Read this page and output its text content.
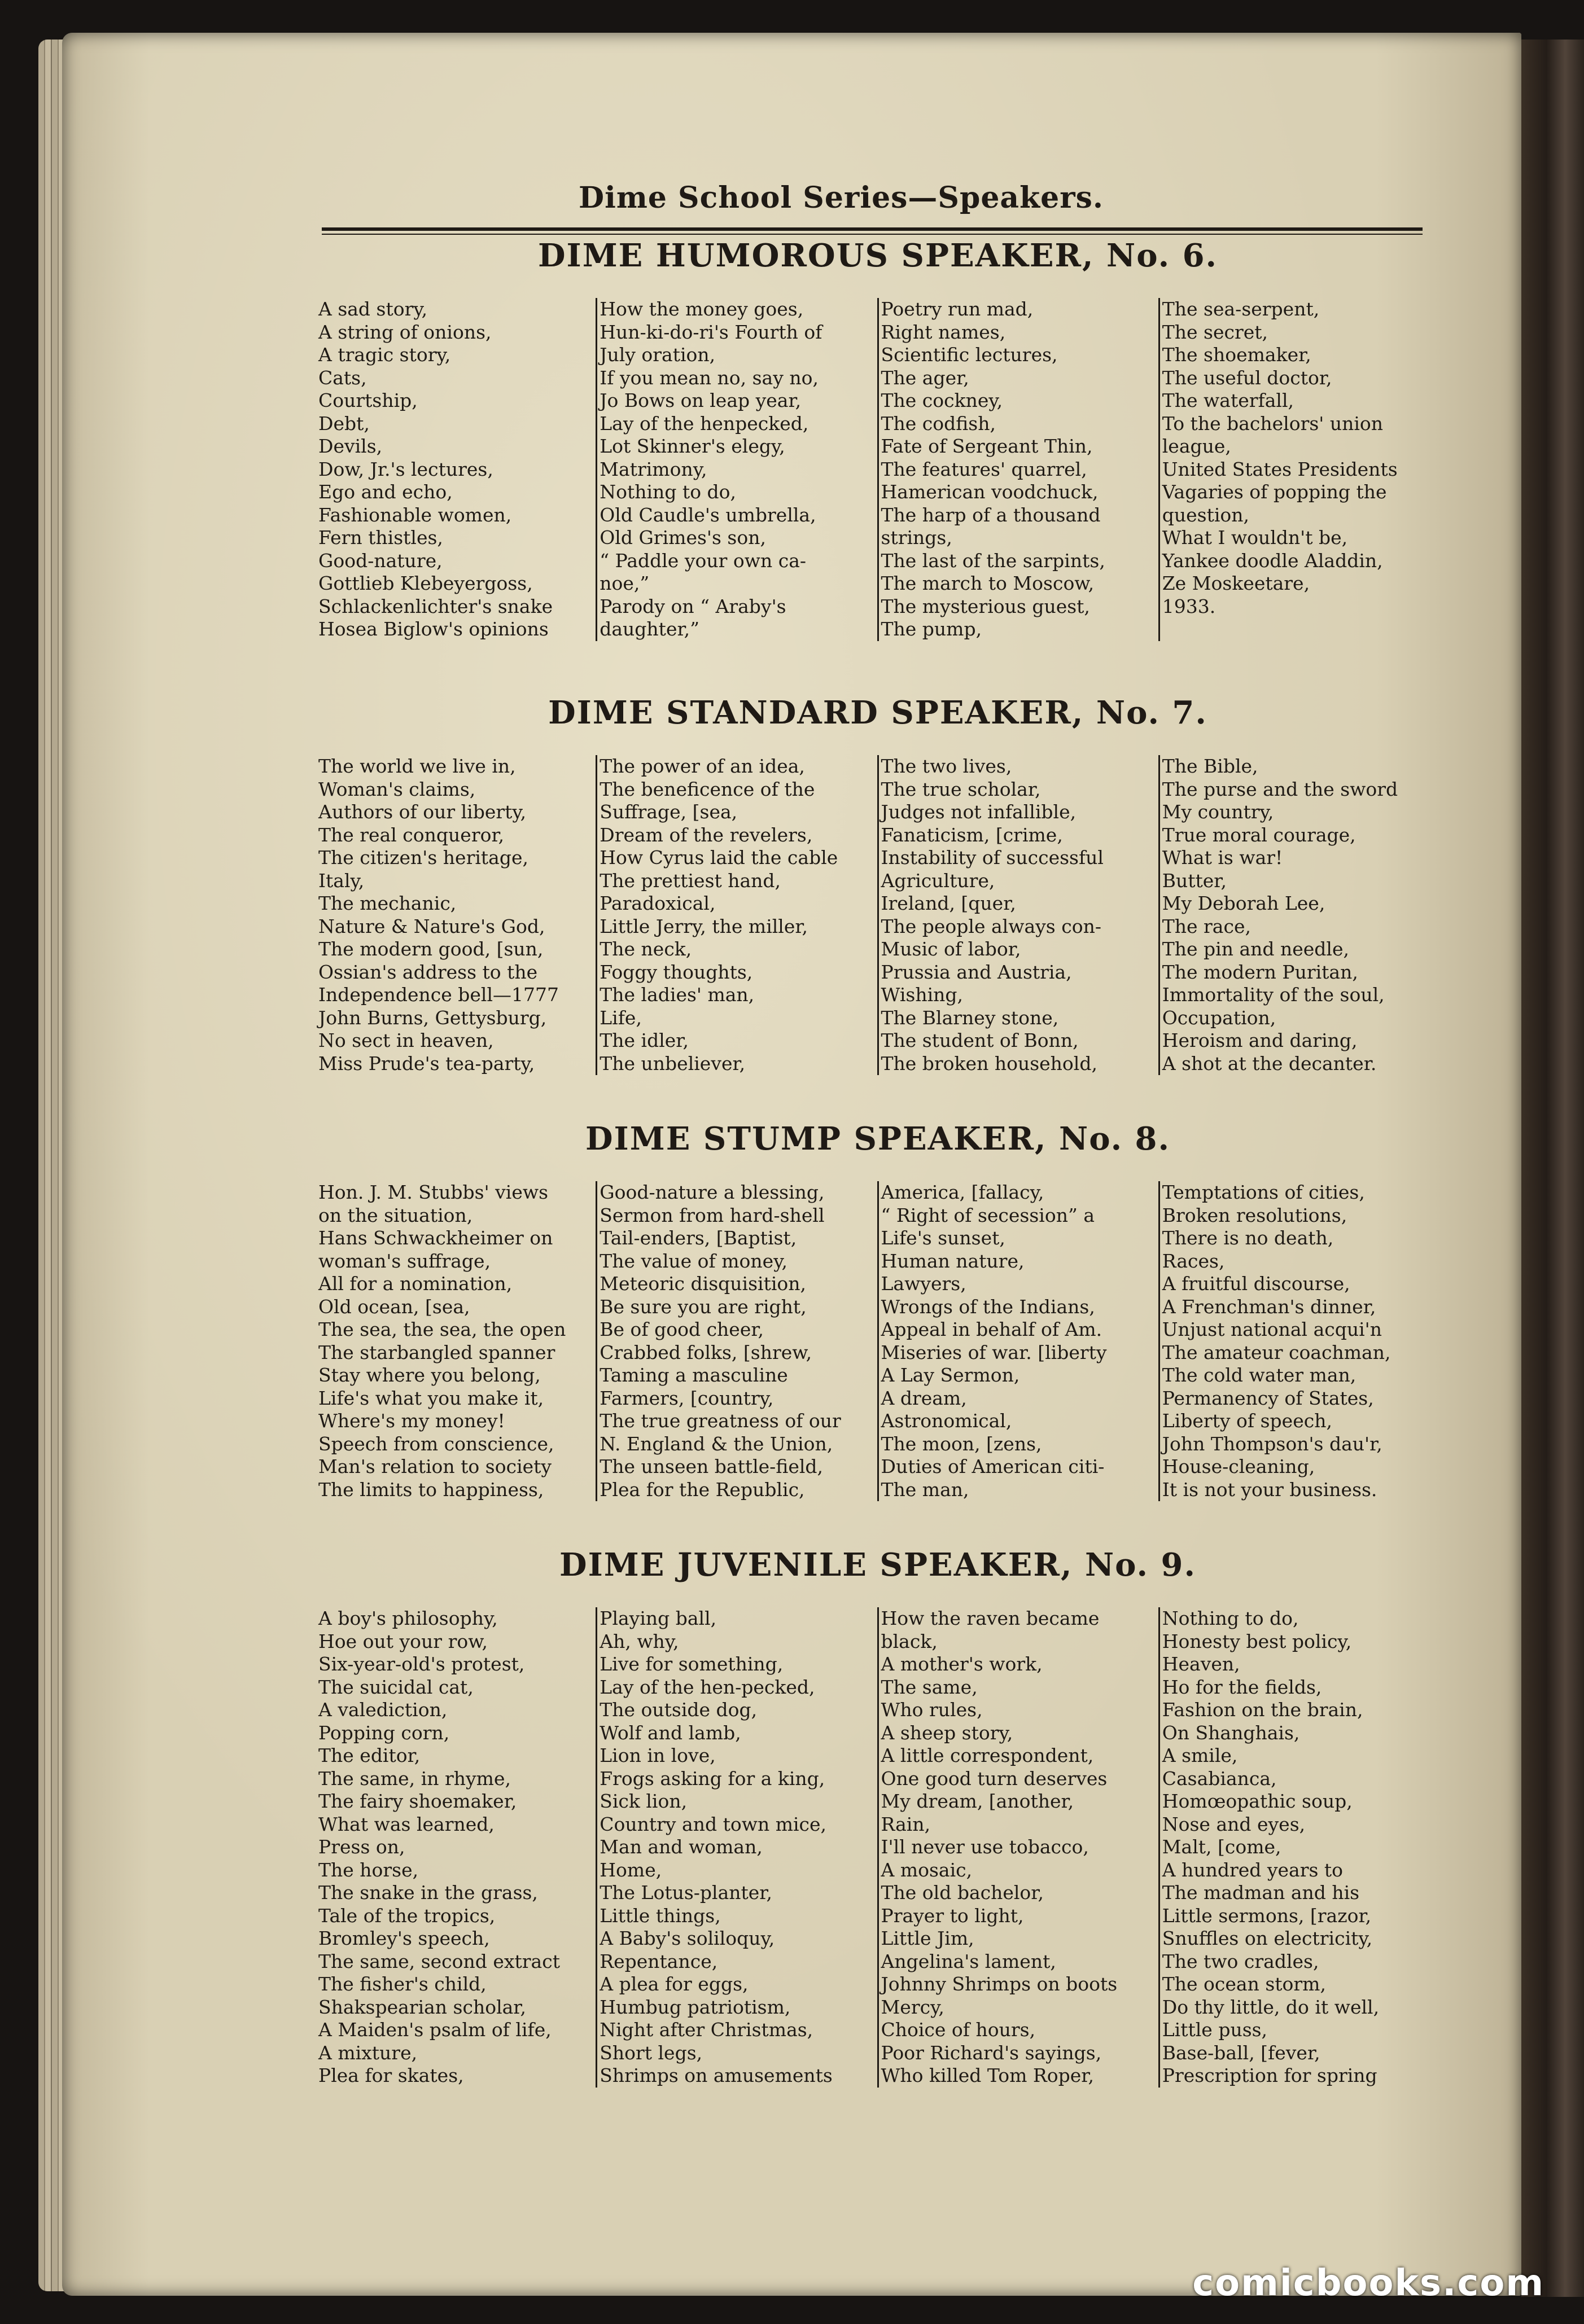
Dime School Series—Speakers.
DIME HUMOROUS SPEAKER, No. 6.
A sad story,
A string of onions,
A tragic story,
Cats,
Courtship,
Debt,
Devils,
Dow, Jr.'s lectures,
Ego and echo,
Fashionable women,
Fern thistles,
Good-nature,
Gottlieb Klebeyergoss,
Schlackenlichter's snake
Hosea Biglow's opinions
How the money goes,
Hun-ki-do-ri's Fourth of
July oration,
If you mean no, say no,
Jo Bows on leap year,
Lay of the henpecked,
Lot Skinner's elegy,
Matrimony,
Nothing to do,
Old Caudle's umbrella,
Old Grimes's son,
“ Paddle your own ca-
noe,”
Parody on “ Araby's
daughter,”
Poetry run mad,
Right names,
Scientific lectures,
The ager,
The cockney,
The codfish,
Fate of Sergeant Thin,
The features' quarrel,
Hamerican voodchuck,
The harp of a thousand
strings,
The last of the sarpints,
The march to Moscow,
The mysterious guest,
The pump,
The sea-serpent,
The secret,
The shoemaker,
The useful doctor,
The waterfall,
To the bachelors' union
league,
United States Presidents
Vagaries of popping the
question,
What I wouldn't be,
Yankee doodle Aladdin,
Ze Moskeetare,
1933.
DIME STANDARD SPEAKER, No. 7.
The world we live in,
Woman's claims,
Authors of our liberty,
The real conqueror,
The citizen's heritage,
Italy,
The mechanic,
Nature & Nature's God,
The modern good, [sun,
Ossian's address to the
Independence bell—1777
John Burns, Gettysburg,
No sect in heaven,
Miss Prude's tea-party,
The power of an idea,
The beneficence of the
Suffrage, [sea,
Dream of the revelers,
How Cyrus laid the cable
The prettiest hand,
Paradoxical,
Little Jerry, the miller,
The neck,
Foggy thoughts,
The ladies' man,
Life,
The idler,
The unbeliever,
The two lives,
The true scholar,
Judges not infallible,
Fanaticism, [crime,
Instability of successful
Agriculture,
Ireland, [quer,
The people always con-
Music of labor,
Prussia and Austria,
Wishing,
The Blarney stone,
The student of Bonn,
The broken household,
The Bible,
The purse and the sword
My country,
True moral courage,
What is war!
Butter,
My Deborah Lee,
The race,
The pin and needle,
The modern Puritan,
Immortality of the soul,
Occupation,
Heroism and daring,
A shot at the decanter.
DIME STUMP SPEAKER, No. 8.
Hon. J. M. Stubbs' views
on the situation,
Hans Schwackheimer on
woman's suffrage,
All for a nomination,
Old ocean, [sea,
The sea, the sea, the open
The starbangled spanner
Stay where you belong,
Life's what you make it,
Where's my money!
Speech from conscience,
Man's relation to society
The limits to happiness,
Good-nature a blessing,
Sermon from hard-shell
Tail-enders, [Baptist,
The value of money,
Meteoric disquisition,
Be sure you are right,
Be of good cheer,
Crabbed folks, [shrew,
Taming a masculine
Farmers, [country,
The true greatness of our
N. England & the Union,
The unseen battle-field,
Plea for the Republic,
America, [fallacy,
“ Right of secession” a
Life's sunset,
Human nature,
Lawyers,
Wrongs of the Indians,
Appeal in behalf of Am.
Miseries of war. [liberty
A Lay Sermon,
A dream,
Astronomical,
The moon, [zens,
Duties of American citi-
The man,
Temptations of cities,
Broken resolutions,
There is no death,
Races,
A fruitful discourse,
A Frenchman's dinner,
Unjust national acqui'n
The amateur coachman,
The cold water man,
Permanency of States,
Liberty of speech,
John Thompson's dau'r,
House-cleaning,
It is not your business.
DIME JUVENILE SPEAKER, No. 9.
A boy's philosophy,
Hoe out your row,
Six-year-old's protest,
The suicidal cat,
A valediction,
Popping corn,
The editor,
The same, in rhyme,
The fairy shoemaker,
What was learned,
Press on,
The horse,
The snake in the grass,
Tale of the tropics,
Bromley's speech,
The same, second extract
The fisher's child,
Shakspearian scholar,
A Maiden's psalm of life,
A mixture,
Plea for skates,
Playing ball,
Ah, why,
Live for something,
Lay of the hen-pecked,
The outside dog,
Wolf and lamb,
Lion in love,
Frogs asking for a king,
Sick lion,
Country and town mice,
Man and woman,
Home,
The Lotus-planter,
Little things,
A Baby's soliloquy,
Repentance,
A plea for eggs,
Humbug patriotism,
Night after Christmas,
Short legs,
Shrimps on amusements
How the raven became
black,
A mother's work,
The same,
Who rules,
A sheep story,
A little correspondent,
One good turn deserves
My dream, [another,
Rain,
I'll never use tobacco,
A mosaic,
The old bachelor,
Prayer to light,
Little Jim,
Angelina's lament,
Johnny Shrimps on boots
Mercy,
Choice of hours,
Poor Richard's sayings,
Who killed Tom Roper,
Nothing to do,
Honesty best policy,
Heaven,
Ho for the fields,
Fashion on the brain,
On Shanghais,
A smile,
Casabianca,
Homœopathic soup,
Nose and eyes,
Malt, [come,
A hundred years to
The madman and his
Little sermons, [razor,
Snuffles on electricity,
The two cradles,
The ocean storm,
Do thy little, do it well,
Little puss,
Base-ball, [fever,
Prescription for spring
comicbooks.com
